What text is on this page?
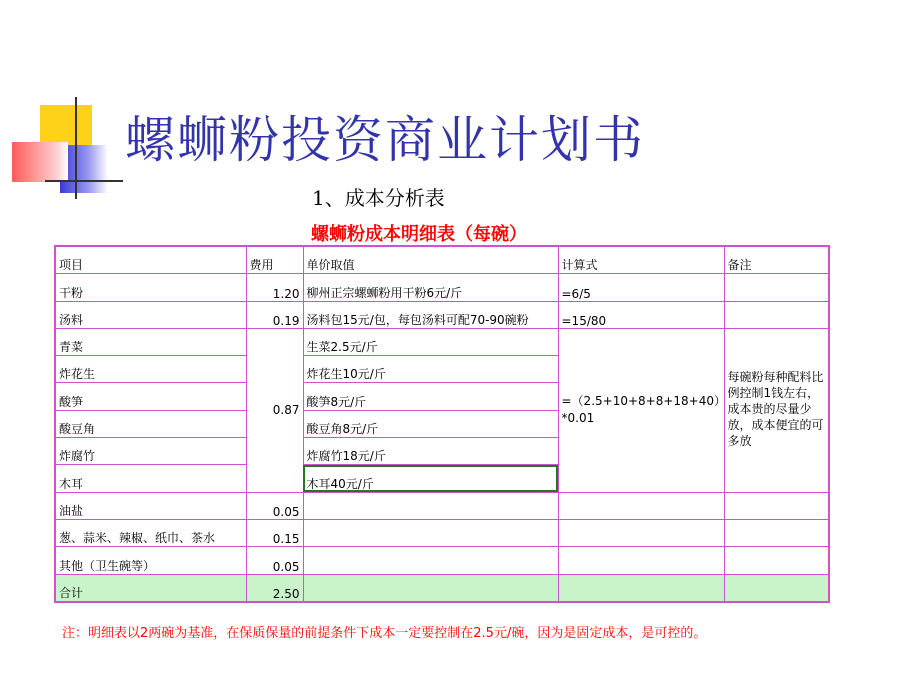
螺蛳粉投资商业计划书
1、成本分析表
螺蛳粉成本明细表（每碗）
项目	费用	单价取值	计算式	备注
干粉	1.20	柳州正宗螺蛳粉用干粉6元/斤	=6/5	
汤料	0.19	汤料包15元/包，每包汤料可配70-90碗粉	=15/80	
青菜	0.87	生菜2.5元/斤	=（2.5+10+8+8+18+40）*0.01	每碗粉每种配料比例控制1钱左右，成本贵的尽量少放，成本便宜的可多放
炸花生		炸花生10元/斤		
酸笋		酸笋8元/斤		
酸豆角		酸豆角8元/斤		
炸腐竹		炸腐竹18元/斤		
木耳		木耳40元/斤		
油盐	0.05			
葱、蒜米、辣椒、纸巾、茶水	0.15			
其他（卫生碗等）	0.05			
合计	2.50			
注：明细表以2两碗为基准，在保质保量的前提条件下成本一定要控制在2.5元/碗，因为是固定成本，是可控的。
